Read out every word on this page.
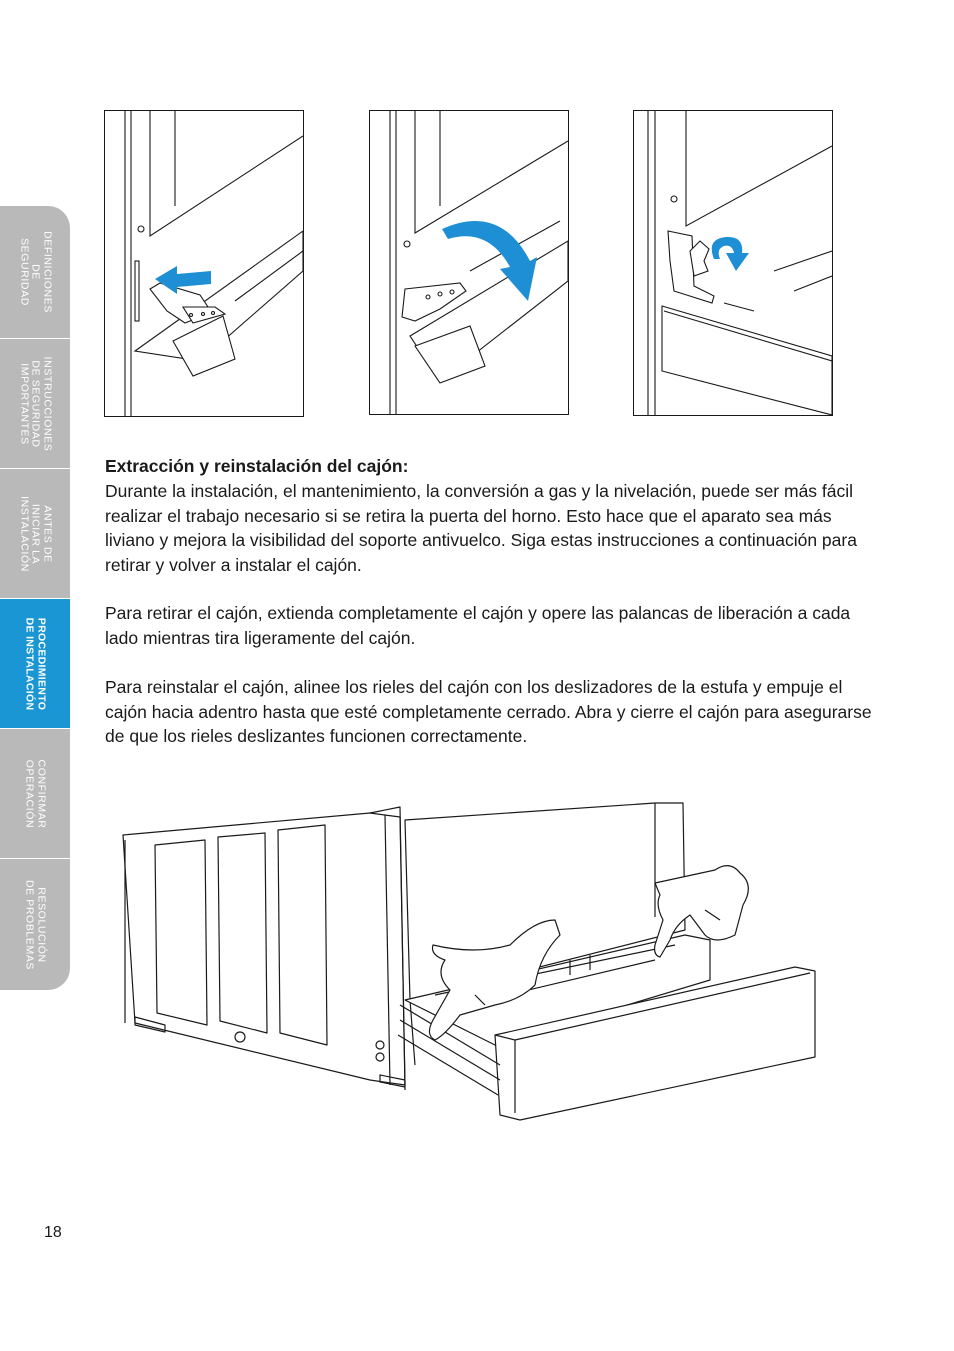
DEFINICIONES
DE
SEGURIDAD
INSTRUCCIONES
DE SEGURIDAD
IMPORTANTES
ANTES DE
INICIAR LA
INSTALACIÓN
PROCEDIMIENTO
DE INSTALACIÓN
CONFIRMAR
OPERACIÓN
RESOLUCIÓN
DE PROBLEMAS
Extracción y reinstalación del cajón:

Durante la instalación, el mantenimiento, la conversión a gas y la nivelación, puede ser más fácil realizar el trabajo necesario si se retira la puerta del horno. Esto hace que el aparato sea más liviano y mejora la visibilidad del soporte antivuelco. Siga estas instrucciones a continuación para retirar y volver a instalar el cajón.

Para retirar el cajón, extienda completamente el cajón y opere las palancas de liberación a cada lado mientras tira ligeramente del cajón.

Para reinstalar el cajón, alinee los rieles del cajón con los deslizadores de la estufa y empuje el cajón hacia adentro hasta que esté completamente cerrado. Abra y cierre el cajón para asegurarse de que los rieles deslizantes funcionen correctamente.

18
